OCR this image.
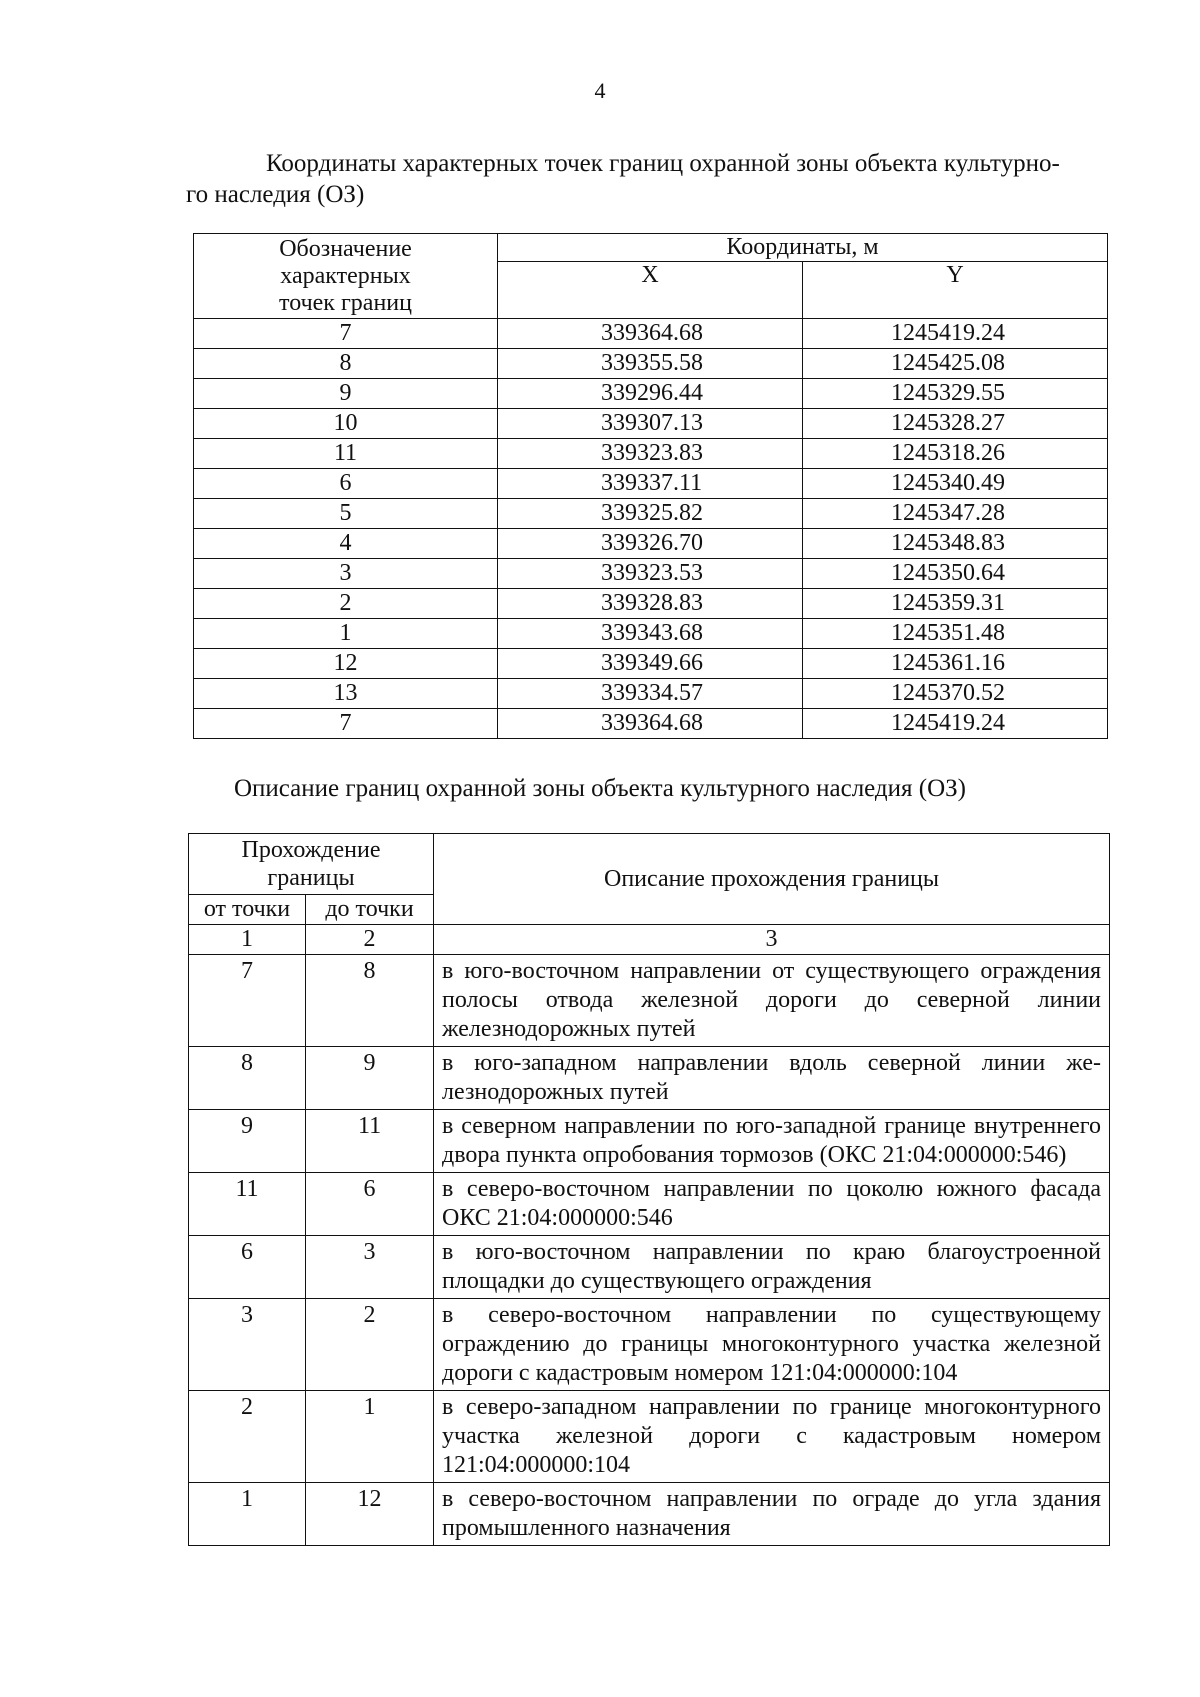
4
Координаты характерных точек границ охранной зоны объекта культурно-
го наследия (ОЗ)
Обозначение
характерных
точек границ	Координаты, м	
	X	Y
7	339364.68	1245419.24
8	339355.58	1245425.08
9	339296.44	1245329.55
10	339307.13	1245328.27
11	339323.83	1245318.26
6	339337.11	1245340.49
5	339325.82	1245347.28
4	339326.70	1245348.83
3	339323.53	1245350.64
2	339328.83	1245359.31
1	339343.68	1245351.48
12	339349.66	1245361.16
13	339334.57	1245370.52
7	339364.68	1245419.24
Описание границ охранной зоны объекта культурного наследия (ОЗ)
Прохождение
границы		Описание прохождения границы
от точки	до точки	
1	2	3
7	8	в юго-восточном направлении от существующего ограждения полосы отвода железной дороги до северной линии железнодорожных путей
8	9	в юго-западном направлении вдоль северной линии железнодорожных путей
9	11	в северном направлении по юго-западной границе внутреннего двора пункта опробования тормозов (ОКС 21:04:000000:546)
11	6	в северо-восточном направлении по цоколю южного фасада ОКС 21:04:000000:546
6	3	в юго-восточном направлении по краю благоустроенной площадки до существующего ограждения
3	2	в северо-восточном направлении по существующему ограждению до границы многоконтурного участка железной дороги с кадастровым номером 121:04:000000:104
2	1	в северо-западном направлении по границе многоконтурного участка железной дороги с кадастровым номером 121:04:000000:104
1	12	в северо-восточном направлении по ограде до угла здания промышленного назначения
